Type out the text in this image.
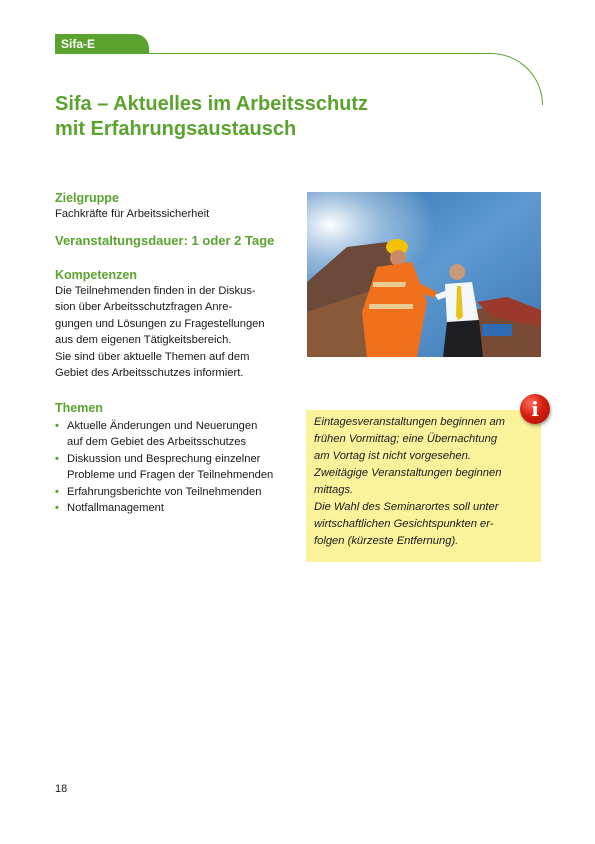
Sifa-E
Sifa – Aktuelles im Arbeitsschutz
mit Erfahrungsaustausch

Zielgruppe

Fachkräfte für Arbeitssicherheit

Veranstaltungsdauer: 1 oder 2 Tage

Kompetenzen

Die Teilnehmenden finden in der Diskus-
sion über Arbeitsschutzfragen Anre-
gungen und Lösungen zu Fragestellungen
aus dem eigenen Tätigkeitsbereich.
Sie sind über aktuelle Themen auf dem
Gebiet des Arbeitsschutzes informiert.

Themen

• Aktuelle Änderungen und Neuerungen
auf dem Gebiet des Arbeitsschutzes
• Diskussion und Besprechung einzelner
Probleme und Fragen der Teilnehmenden
• Erfahrungsberichte von Teilnehmenden
• Notfallmanagement
Eintagesveranstaltungen beginnen am
frühen Vormittag; eine Übernachtung
am Vortag ist nicht vorgesehen.
Zweitägige Veranstaltungen beginnen
mittags.
Die Wahl des Seminarortes soll unter
wirtschaftlichen Gesichtspunkten er-
folgen (kürzeste Entfernung).
i
18
